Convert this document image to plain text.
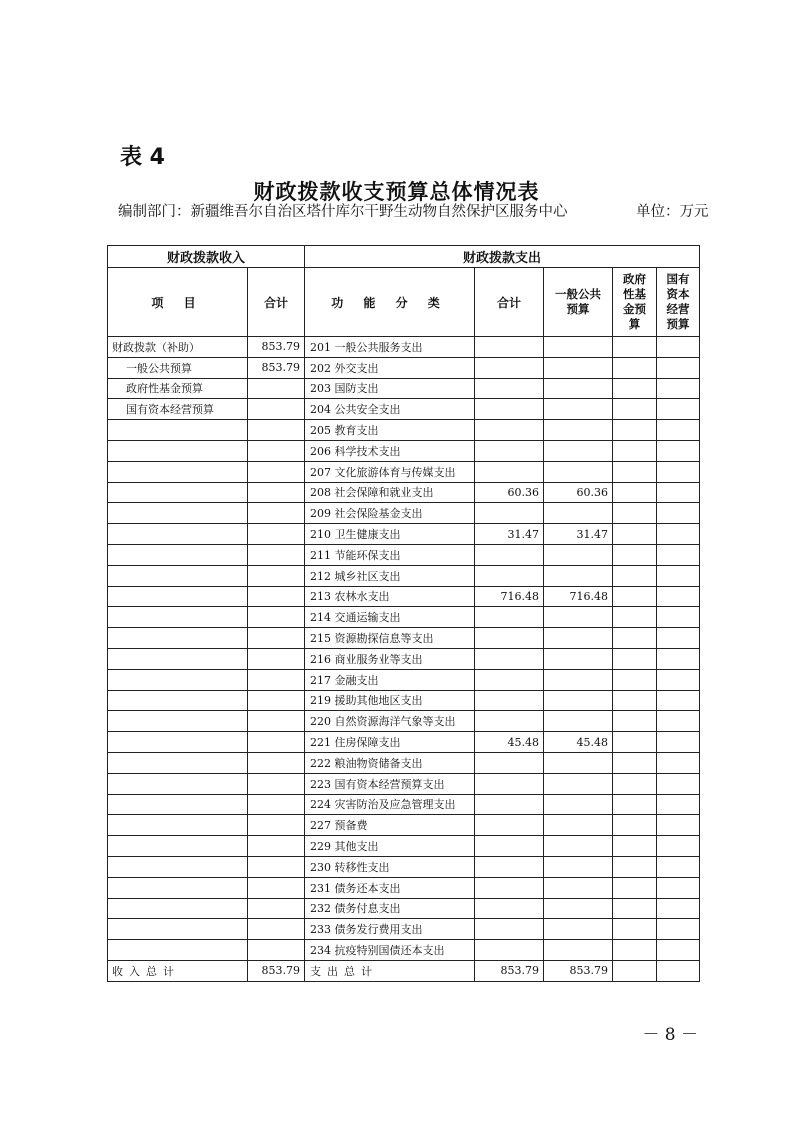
表 4
财政拨款收支预算总体情况表
编制部门：新疆维吾尔自治区塔什库尔干野生动物自然保护区服务中心	单位：万元
财政拨款收入		财政拨款支出				
项 目	合计	功 能 分 类	合计	一般公共预算	政府性基金预算	国有资本经营预算

财政拨款（补助）	853.79	201 一般公共服务支出				
一般公共预算	853.79	202 外交支出				
政府性基金预算		203 国防支出				
国有资本经营预算		204 公共安全支出				
		205 教育支出				
		206 科学技术支出				
		207 文化旅游体育与传媒支出				
		208 社会保障和就业支出	60.36	60.36		
		209 社会保险基金支出				
		210 卫生健康支出	31.47	31.47		
		211 节能环保支出				
		212 城乡社区支出				
		213 农林水支出	716.48	716.48		
		214 交通运输支出				
		215 资源勘探信息等支出				
		216 商业服务业等支出				
		217 金融支出				
		219 援助其他地区支出				
		220 自然资源海洋气象等支出				
		221 住房保障支出	45.48	45.48		
		222 粮油物资储备支出				
		223 国有资本经营预算支出				
		224 灾害防治及应急管理支出				
		227 预备费				
		229 其他支出				
		230 转移性支出				
		231 债务还本支出				
		232 债务付息支出				
		233 债务发行费用支出				
		234 抗疫特别国债还本支出				
收入总计	853.79	支出总计	853.79	853.79		
－ 8 －
